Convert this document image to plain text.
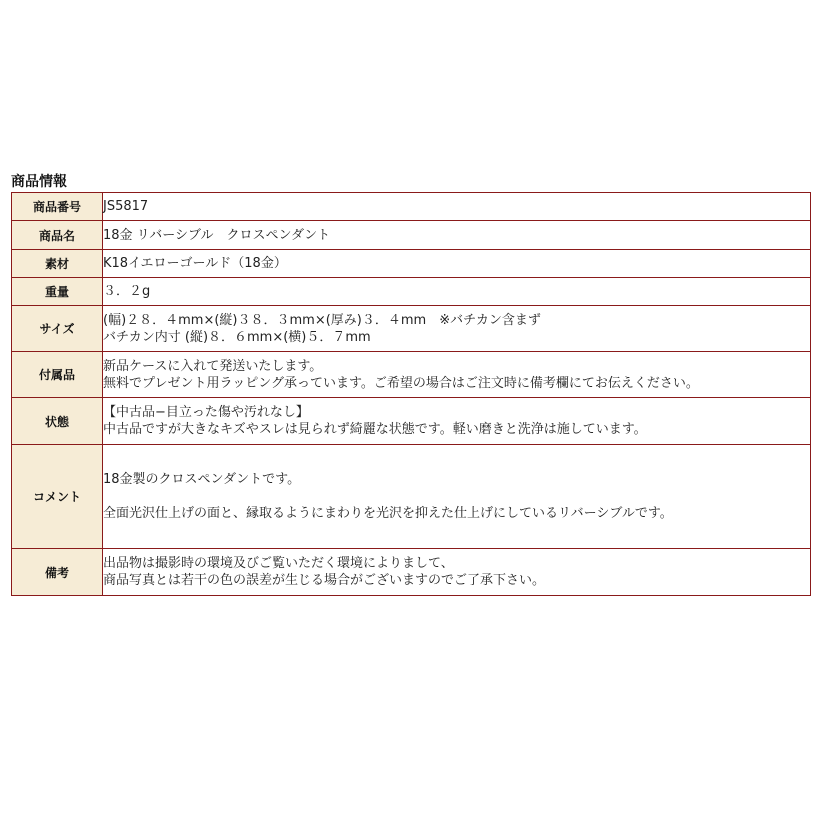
商品情報
商品番号	JS5817

商品名	18金 リバーシブル　クロスペンダント

素材	K18イエローゴールド（18金）

重量	３．２g

サイズ	(幅)２８．４mm×(縦)３８．３mm×(厚み)３．４mm　※バチカン含まず
バチカン内寸 (縦)８．６mm×(横)５．７mm

付属品	新品ケースに入れて発送いたします。
無料でプレゼント用ラッピング承っています。ご希望の場合はご注文時に備考欄にてお伝えください。

状態	【中古品−目立った傷や汚れなし】
中古品ですが大きなキズやスレは見られず綺麗な状態です。軽い磨きと洗浄は施しています。

コメント	18金製のクロスペンダントです。
全面光沢仕上げの面と、縁取るようにまわりを光沢を抑えた仕上げにしているリバーシブルです。

備考	出品物は撮影時の環境及びご覧いただく環境によりまして、
商品写真とは若干の色の誤差が生じる場合がございますのでご了承下さい。
